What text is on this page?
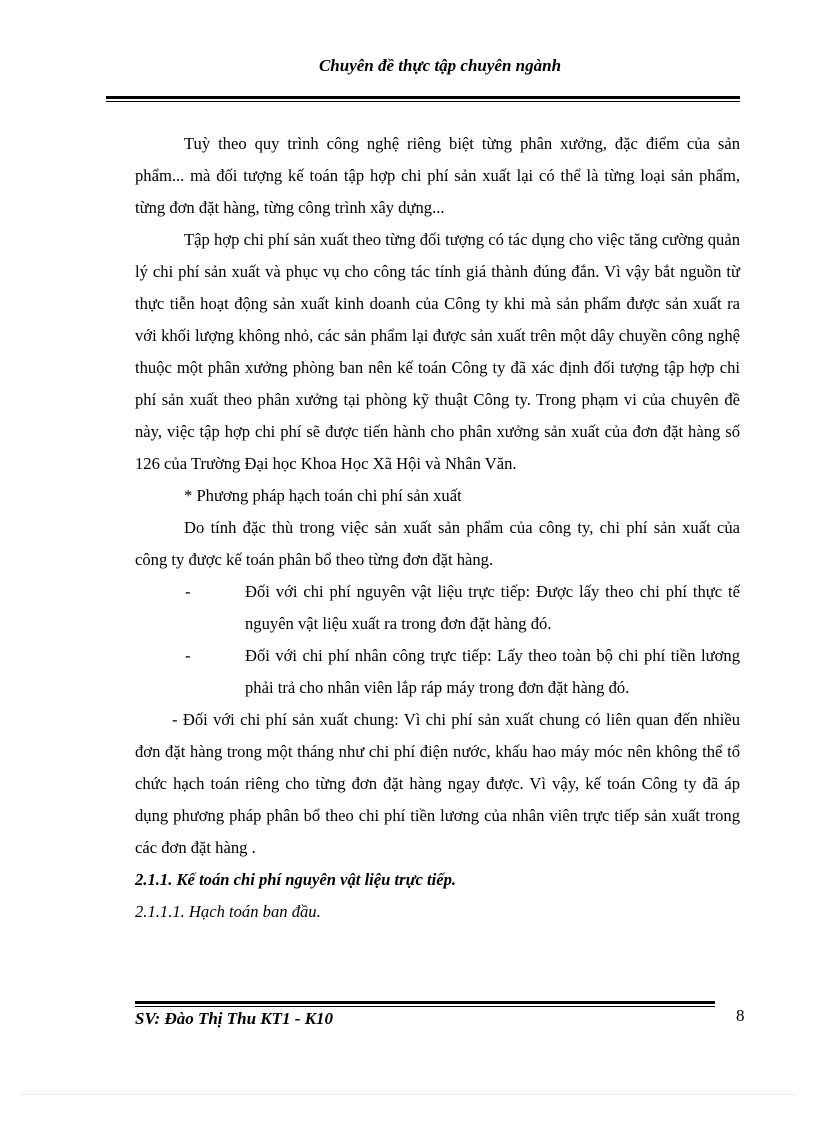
Chuyên đề thực tập chuyên ngành

Tuỳ theo quy trình công nghệ riêng biệt từng phân xưởng, đặc điểm của sản phẩm... mà đối tượng kế toán tập hợp chi phí sản xuất lại có thể là từng loại sản phẩm, từng đơn đặt hàng, từng công trình xây dựng...

Tập hợp chi phí sản xuất theo từng đối tượng có tác dụng cho việc tăng cường quản lý chi phí sản xuất và phục vụ cho công tác tính giá thành đúng đắn. Vì vậy bắt nguồn từ thực tiễn hoạt động sản xuất kinh doanh của Công ty khi mà sản phẩm được sản xuất ra với khối lượng không nhỏ, các sản phẩm lại được sản xuất trên một dây chuyền công nghệ thuộc một phân xưởng phòng ban nên kế toán Công ty đã xác định đối tượng tập hợp chi phí sản xuất theo phân xưởng tại phòng kỹ thuật Công ty. Trong phạm vi của chuyên đề này, việc tập hợp chi phí sẽ được tiến hành cho phân xưởng sản xuất của đơn đặt hàng số 126 của Trường Đại học Khoa Học Xã Hội và Nhân Văn.

* Phương pháp hạch toán chi phí sản xuất

Do tính đặc thù trong việc sản xuất sản phẩm của công ty, chi phí sản xuất của công ty được kế toán phân bổ theo từng đơn đặt hàng.

-	Đối với chi phí nguyên vật liệu trực tiếp: Được lấy theo chi phí thực tế nguyên vật liệu xuất ra trong đơn đặt hàng đó.

-	Đối với chi phí nhân công trực tiếp: Lấy theo toàn bộ chi phí tiền lương phải trả cho nhân viên lắp ráp máy trong đơn đặt hàng đó.

- Đối với chi phí sản xuất chung: Vì chi phí sản xuất chung có liên quan đến nhiều đơn đặt hàng trong một tháng như chi phí điện nước, khấu hao máy móc nên không thể tổ chức hạch toán riêng cho từng đơn đặt hàng ngay được. Vì vậy, kế toán Công ty đã áp dụng phương pháp phân bổ theo chi phí tiền lương của nhân viên trực tiếp sản xuất trong các đơn đặt hàng .

2.1.1. Kế toán chi phí nguyên vật liệu trực tiếp.

2.1.1.1. Hạch toán ban đầu.

SV: Đào Thị Thu KT1 - K10	8
